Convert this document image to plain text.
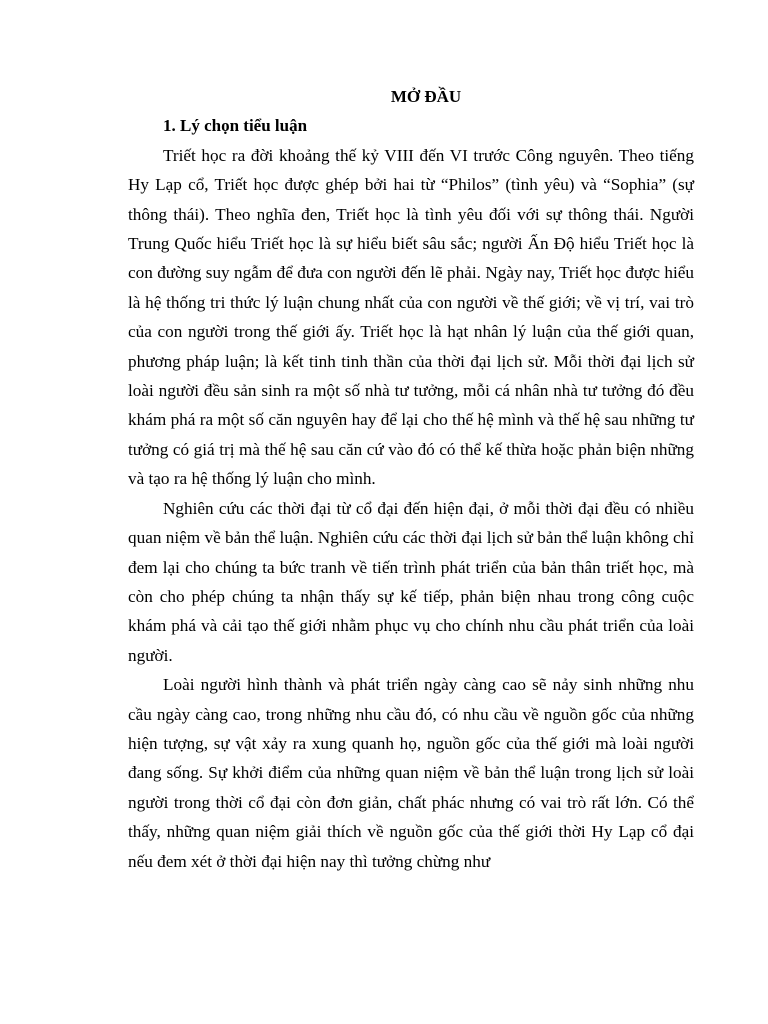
MỞ ĐẦU
1. Lý chọn tiểu luận

Triết học ra đời khoảng thế kỷ VIII đến VI trước Công nguyên. Theo tiếng Hy Lạp cổ, Triết học được ghép bởi hai từ “Philos” (tình yêu) và “Sophia” (sự thông thái). Theo nghĩa đen, Triết học là tình yêu đối với sự thông thái. Người Trung Quốc hiểu Triết học là sự hiểu biết sâu sắc; người Ấn Độ hiểu Triết học là con đường suy ngẫm để đưa con người đến lẽ phải. Ngày nay, Triết học được hiểu là hệ thống tri thức lý luận chung nhất của con người về thế giới; về vị trí, vai trò của con người trong thế giới ấy. Triết học là hạt nhân lý luận của thế giới quan, phương pháp luận; là kết tinh tinh thần của thời đại lịch sử. Mỗi thời đại lịch sử loài người đều sản sinh ra một số nhà tư tưởng, mỗi cá nhân nhà tư tưởng đó đều khám phá ra một số căn nguyên hay để lại cho thế hệ mình và thế hệ sau những tư tưởng có giá trị mà thế hệ sau căn cứ vào đó có thể kế thừa hoặc phản biện những và tạo ra hệ thống lý luận cho mình.

Nghiên cứu các thời đại từ cổ đại đến hiện đại, ở mỗi thời đại đều có nhiều quan niệm về bản thể luận. Nghiên cứu các thời đại lịch sử bản thể luận không chỉ đem lại cho chúng ta bức tranh về tiến trình phát triển của bản thân triết học, mà còn cho phép chúng ta nhận thấy sự kế tiếp, phản biện nhau trong công cuộc khám phá và cải tạo thế giới nhằm phục vụ cho chính nhu cầu phát triển của loài người.

Loài người hình thành và phát triển ngày càng cao sẽ nảy sinh những nhu cầu ngày càng cao, trong những nhu cầu đó, có nhu cầu về nguồn gốc của những hiện tượng, sự vật xảy ra xung quanh họ, nguồn gốc của thế giới mà loài người đang sống. Sự khởi điểm của những quan niệm về bản thể luận trong lịch sử loài người trong thời cổ đại còn đơn giản, chất phác nhưng có vai trò rất lớn. Có thể thấy, những quan niệm giải thích về nguồn gốc của thế giới thời Hy Lạp cổ đại nếu đem xét ở thời đại hiện nay thì tưởng chừng như
